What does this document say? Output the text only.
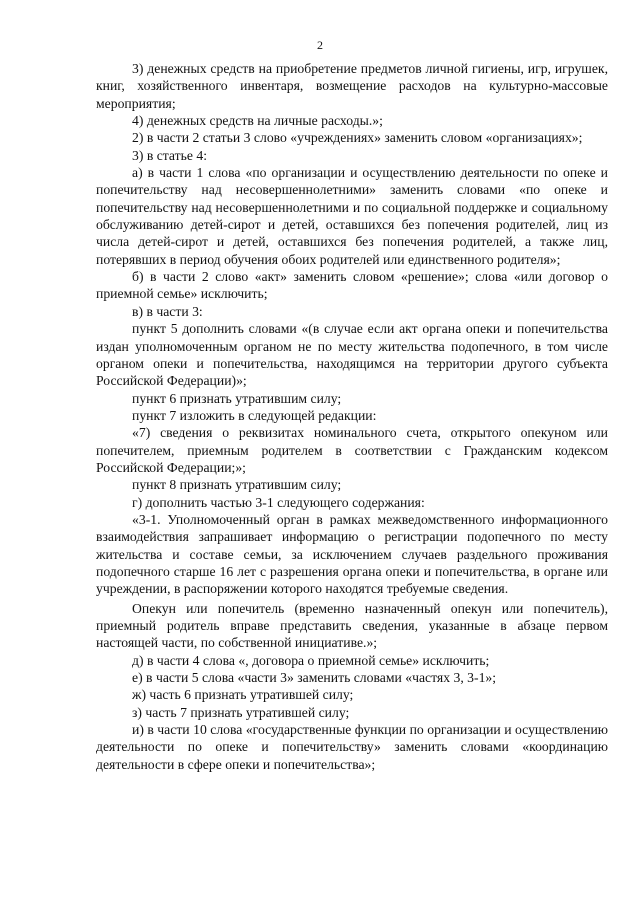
2

3) денежных средств на приобретение предметов личной гигиены, игр, игрушек, книг, хозяйственного инвентаря, возмещение расходов на культурно-массовые мероприятия;

4) денежных средств на личные расходы.»;

2) в части 2 статьи 3 слово «учреждениях» заменить словом «организациях»;

3) в статье 4:

а) в части 1 слова «по организации и осуществлению деятельности по опеке и попечительству над несовершеннолетними» заменить словами «по опеке и попечительству над несовершеннолетними и по социальной поддержке и социальному обслуживанию детей-сирот и детей, оставшихся без попечения родителей, лиц из числа детей-сирот и детей, оставшихся без попечения родителей, а также лиц, потерявших в период обучения обоих родителей или единственного родителя»;

б) в части 2 слово «акт» заменить словом «решение»; слова «или договор о приемной семье» исключить;

в) в части 3:

пункт 5 дополнить словами «(в случае если акт органа опеки и попечительства издан уполномоченным органом не по месту жительства подопечного, в том числе органом опеки и попечительства, находящимся на территории другого субъекта Российской Федерации)»;

пункт 6 признать утратившим силу;

пункт 7 изложить в следующей редакции:

«7) сведения о реквизитах номинального счета, открытого опекуном или попечителем, приемным родителем в соответствии с Гражданским кодексом Российской Федерации;»;

пункт 8 признать утратившим силу;

г) дополнить частью 3-1 следующего содержания:

«3-1. Уполномоченный орган в рамках межведомственного информационного взаимодействия запрашивает информацию о регистрации подопечного по месту жительства и составе семьи, за исключением случаев раздельного проживания подопечного старше 16 лет с разрешения органа опеки и попечительства, в органе или учреждении, в распоряжении которого находятся требуемые сведения.

Опекун или попечитель (временно назначенный опекун или попечитель), приемный родитель вправе представить сведения, указанные в абзаце первом настоящей части, по собственной инициативе.»;

д) в части 4 слова «, договора о приемной семье» исключить;

е) в части 5 слова «части 3» заменить словами «частях 3, 3-1»;

ж) часть 6 признать утратившей силу;

з) часть 7 признать утратившей силу;

и) в части 10 слова «государственные функции по организации и осуществлению деятельности по опеке и попечительству» заменить словами «координацию деятельности в сфере опеки и попечительства»;
